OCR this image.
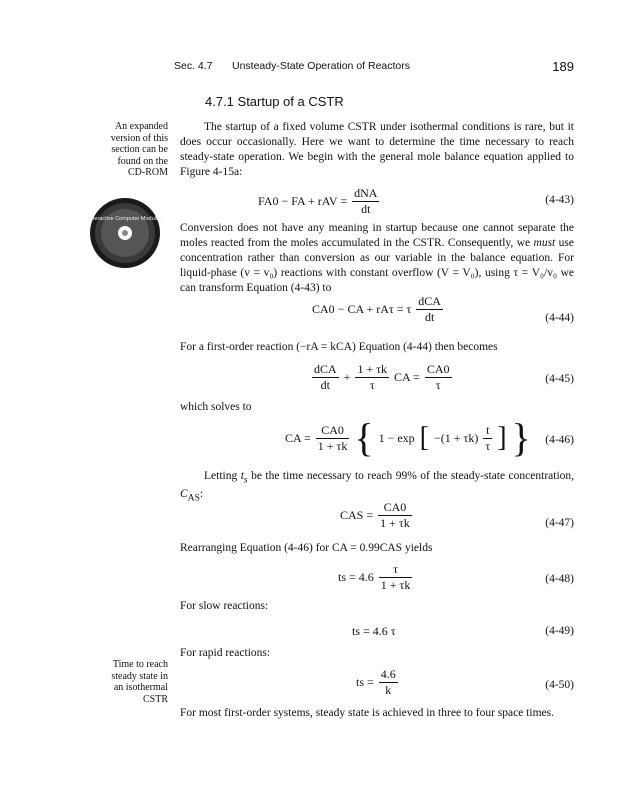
Sec. 4.7 Unsteady-State Operation of Reactors	189
4.7.1 Startup of a CSTR
An expanded
version of this
section can be
found on the
CD-ROM
Interactive Computer Modules
The startup of a fixed volume CSTR under isothermal conditions is rare, but it does occur occasionally. Here we want to determine the time necessary to reach steady-state operation. We begin with the general mole balance equation applied to Figure 4-15a:
FA0 − FA + rAV = $\frac{\text{dNA}}{dt}$	(4-43)
Conversion does not have any meaning in startup because one cannot separate the moles reacted from the moles accumulated in the CSTR. Consequently, we must use concentration rather than conversion as our variable in the balance equation. For liquid-phase (v = v₀) reactions with constant overflow (V = V₀), using τ = V₀/v₀ we can transform Equation (4-43) to
CA0 − CA + rAτ = τ $\frac{\text{dCA}}{dt}$	(4-44)
For a first-order reaction (−rA = kCA) Equation (4-44) then becomes
$\frac{\text{dCA}}{dt} + \frac{1 + \tau k}{\tau}$ CA = $\frac{CA0}{\tau}$	(4-45)
which solves to
CA = $\frac{CA0}{1 + \tau k}$ { 1 − exp [ $-(1 + \tau k) \frac{t}{\tau}$ ] } (4-46)
Letting $t_s$ be the time necessary to reach 99% of the steady-state concentration, $C_{AS}$:
CAS = $\frac{CA0}{1 + \tau k}$	(4-47)
Rearranging Equation (4-46) for CA = 0.99CAS yields
ts = $4.6 \frac{\tau}{1 + \tau k}$	(4-48)
For slow reactions:
ts = 4.6 τ	(4-49)
For rapid reactions:
Time to reach
steady state in
an isothermal
CSTR
ts = $\frac{4.6}{k}$	(4-50)
For most first-order systems, steady state is achieved in three to four space times.
